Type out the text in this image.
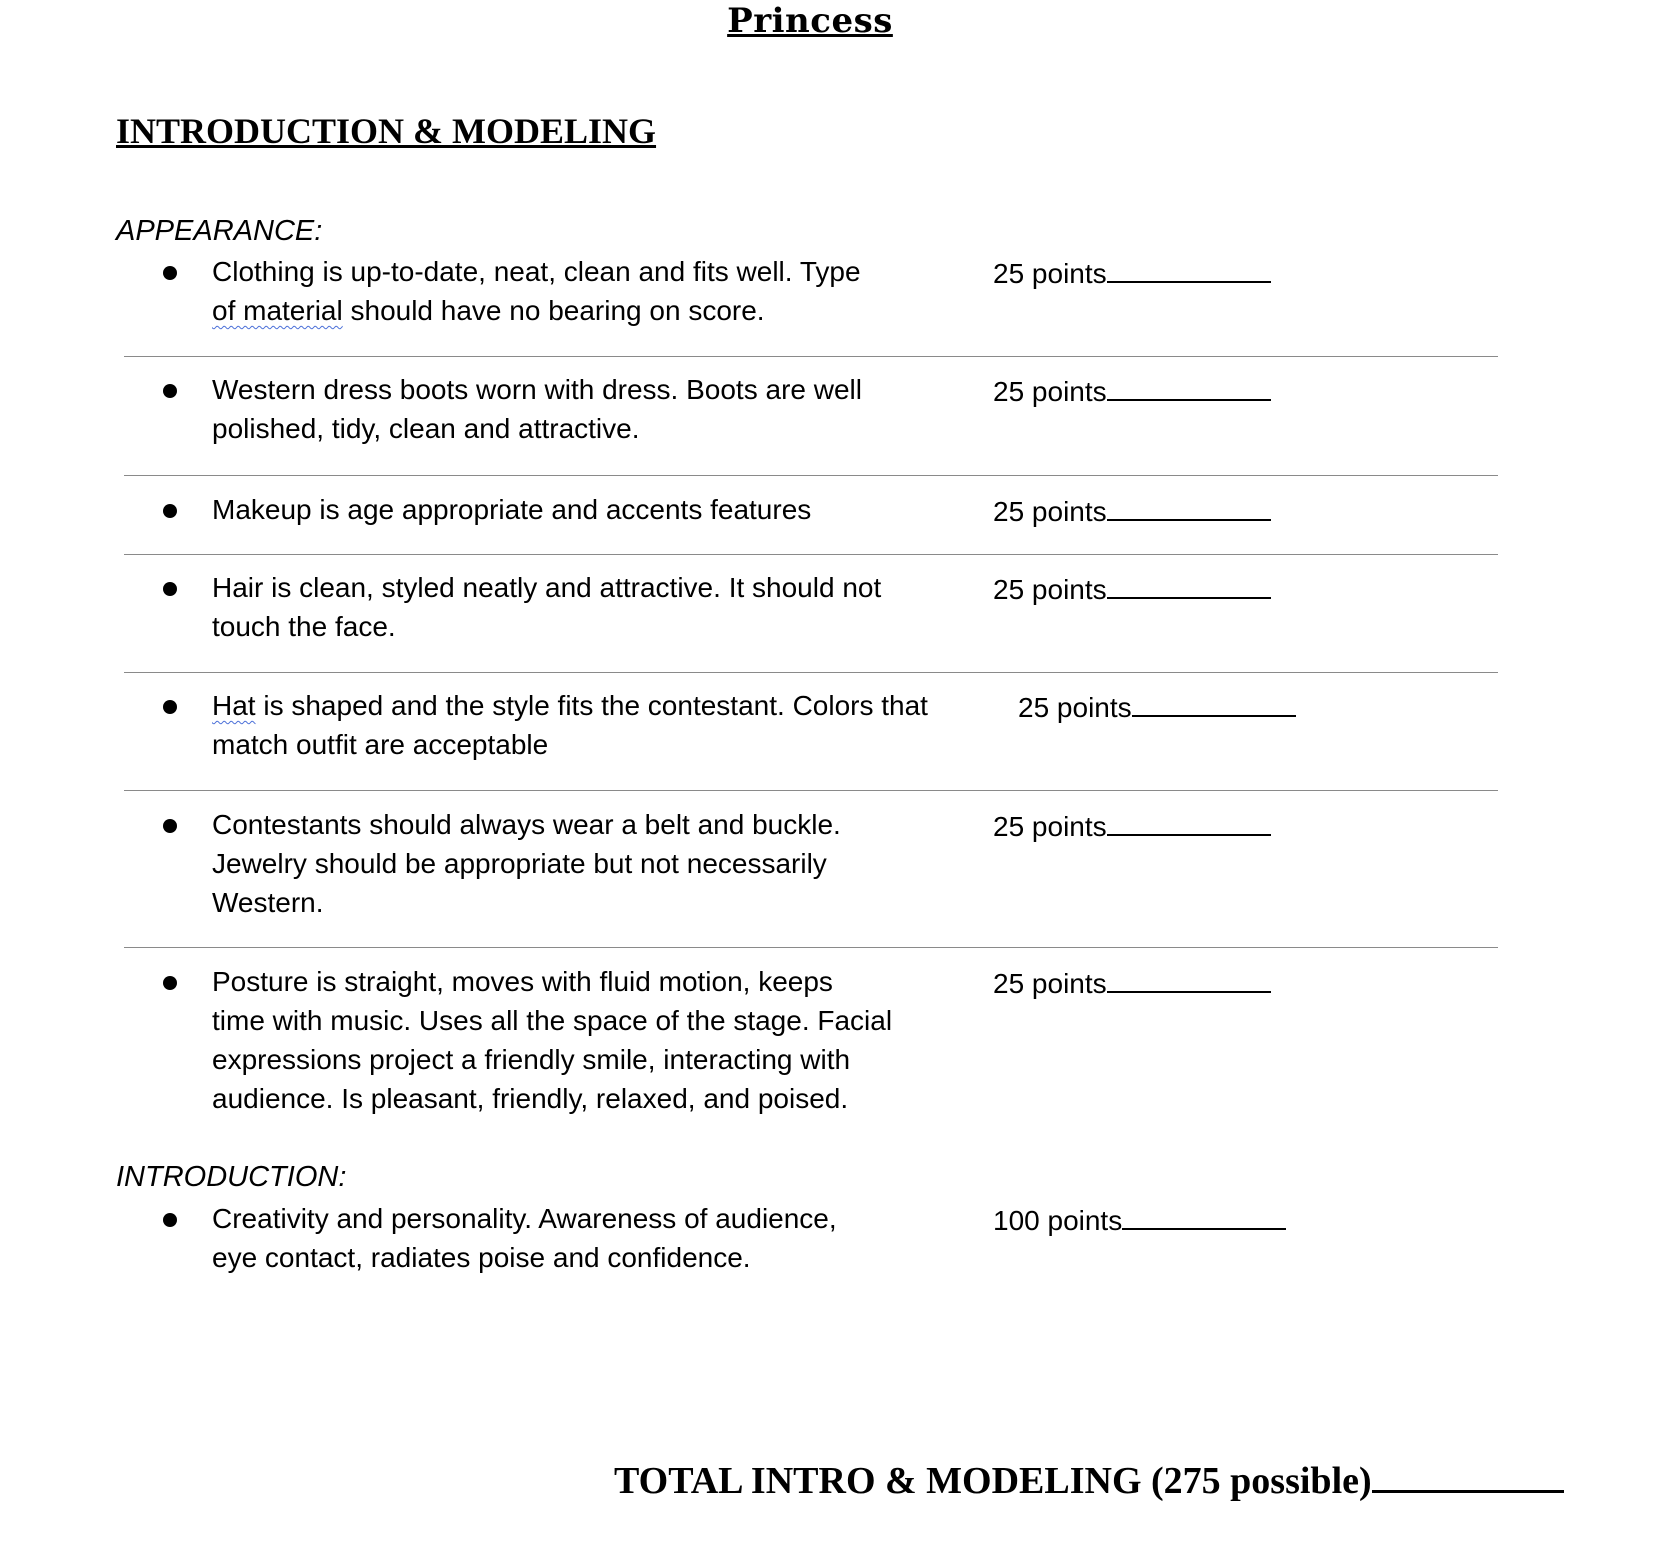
Princess
INTRODUCTION & MODELING
APPEARANCE:
Clothing is up-to-date, neat, clean and fits well. Type
of material should have no bearing on score.
25 points
Western dress boots worn with dress. Boots are well
polished, tidy, clean and attractive.
25 points
Makeup is age appropriate and accents features	25 points
Hair is clean, styled neatly and attractive. It should not
touch the face.
25 points
Hat is shaped and the style fits the contestant. Colors that
match outfit are acceptable
25 points
Contestants should always wear a belt and buckle.
Jewelry should be appropriate but not necessarily
Western.
25 points
Posture is straight, moves with fluid motion, keeps
time with music. Uses all the space of the stage. Facial
expressions project a friendly smile, interacting with
audience. Is pleasant, friendly, relaxed, and poised.
25 points
INTRODUCTION:
Creativity and personality. Awareness of audience,
eye contact, radiates poise and confidence.
100 points
TOTAL INTRO & MODELING (275 possible)
